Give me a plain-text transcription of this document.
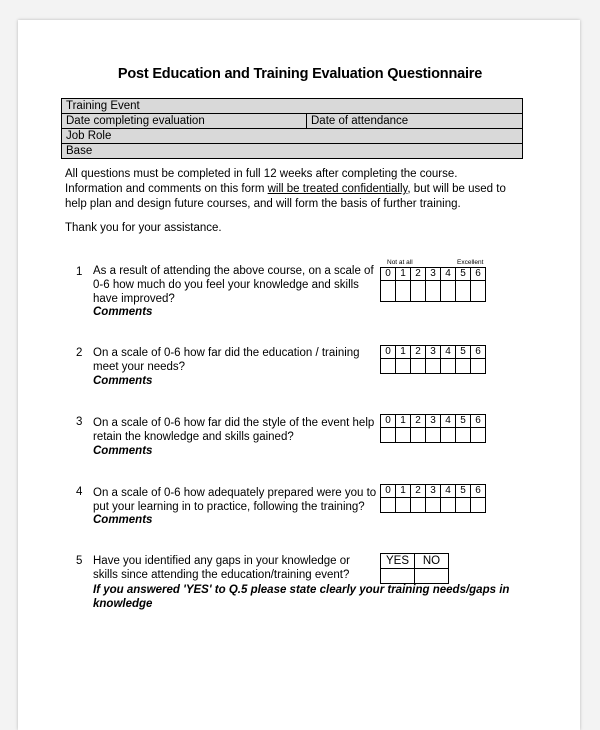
Post Education and Training Evaluation Questionnaire
Training Event
Date completing evaluation	Date of attendance
Job Role
Base

All questions must be completed in full 12 weeks after completing the course.

Information and comments on this form will be treated confidentially, but will be used to

help plan and design future courses, and will form the basis of further training.

Thank you for your assistance.
Not at all	Excellent
1 As a result of attending the above course, on a scale of 0-6 how much do you feel your knowledge and skills have improved?
Comments
0	1	2	3	4	5	6

2 On a scale of 0-6 how far did the education / training meet your needs?
Comments
0	1	2	3	4	5	6

3 On a scale of 0-6 how far did the style of the event help retain the knowledge and skills gained?
Comments
0	1	2	3	4	5	6

4 On a scale of 0-6 how adequately prepared were you to put your learning in to practice, following the training?
Comments
0	1	2	3	4	5	6

5 Have you identified any gaps in your knowledge or skills since attending the education/training event?
YES	NO

If you answered 'YES' to Q.5 please state clearly your training needs/gaps in knowledge
